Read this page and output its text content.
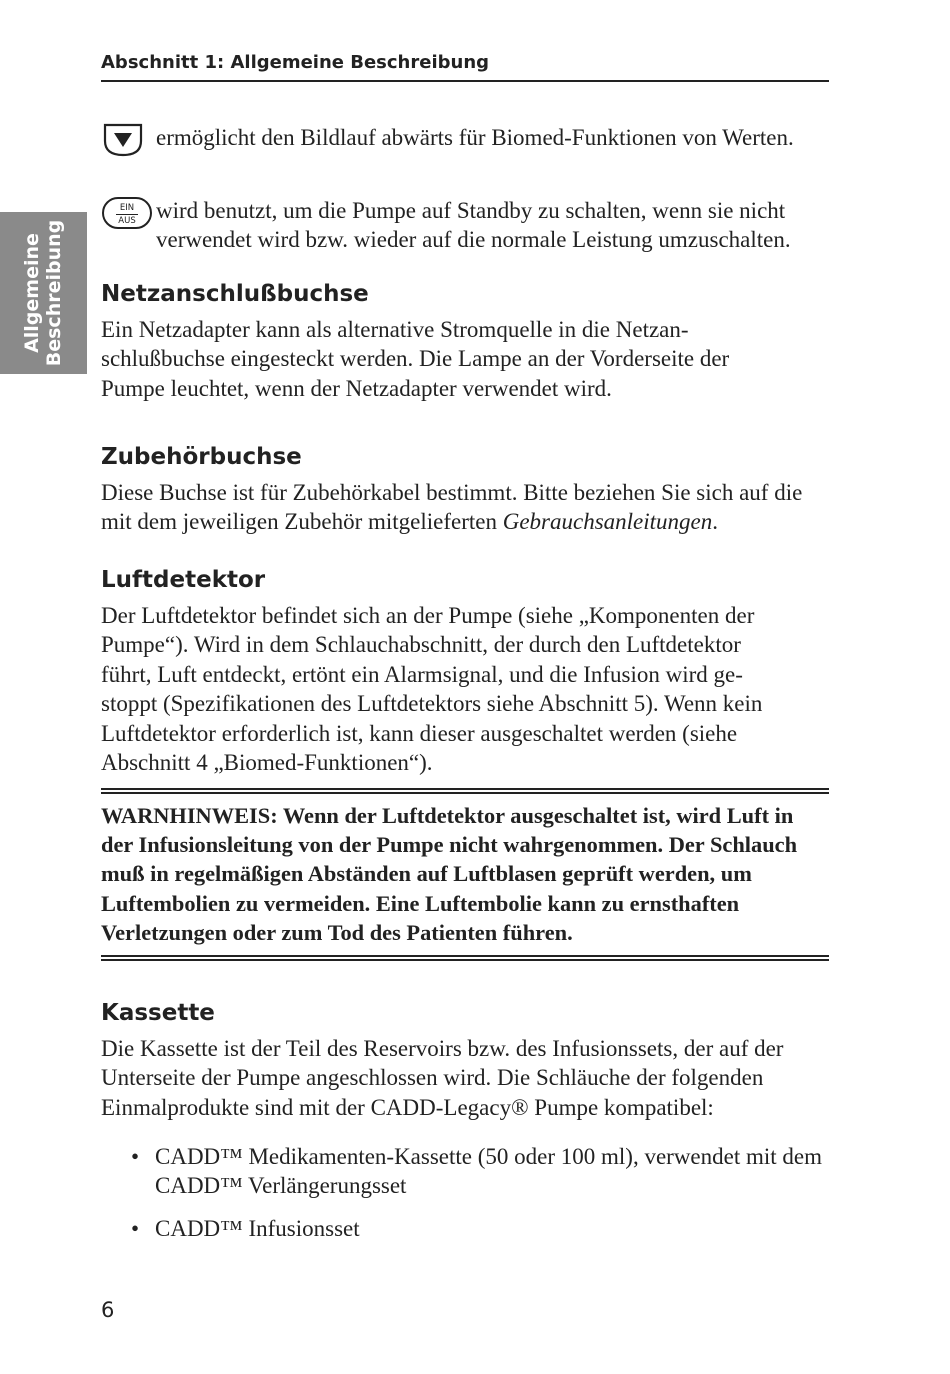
Abschnitt 1: Allgemeine Beschreibung
Allgemeine Beschreibung

ermöglicht den Bildlauf abwärts für Biomed-Funktionen von Werten.

EIN
AUS wird benutzt, um die Pumpe auf Standby zu schalten, wenn sie nicht verwendet wird bzw. wieder auf die normale Leistung umzuschalten.

Netzanschlußbuchse
Ein Netzadapter kann als alternative Stromquelle in die Netzan-
schlußbuchse eingesteckt werden. Die Lampe an der Vorderseite der
Pumpe leuchtet, wenn der Netzadapter verwendet wird.
Zubehörbuchse

Diese Buchse ist für Zubehörkabel bestimmt. Bitte beziehen Sie sich auf die mit dem jeweiligen Zubehör mitgelieferten Gebrauchsanleitungen.

Luftdetektor
Der Luftdetektor befindet sich an der Pumpe (siehe „Komponenten der
Pumpe“). Wird in dem Schlauchabschnitt, der durch den Luftdetektor
führt, Luft entdeckt, ertönt ein Alarmsignal, und die Infusion wird ge-
stoppt (Spezifikationen des Luftdetektors siehe Abschnitt 5). Wenn kein
Luftdetektor erforderlich ist, kann dieser ausgeschaltet werden (siehe
Abschnitt 4 „Biomed-Funktionen“).

WARNHINWEIS: Wenn der Luftdetektor ausgeschaltet ist, wird Luft in der Infusionsleitung von der Pumpe nicht wahrgenommen. Der Schlauch muß in regelmäßigen Abständen auf Luftblasen geprüft werden, um Luftembolien zu vermeiden. Eine Luftembolie kann zu ernsthaften Verletzungen oder zum Tod des Patienten führen.

Kassette

Die Kassette ist der Teil des Reservoirs bzw. des Infusionssets, der auf der Unterseite der Pumpe angeschlossen wird. Die Schläuche der folgenden Einmalprodukte sind mit der CADD-Legacy® Pumpe kompatibel:

• CADD™ Medikamenten-Kassette (50 oder 100 ml), verwendet mit dem CADD™ Verlängerungsset
• CADD™ Infusionsset
6
